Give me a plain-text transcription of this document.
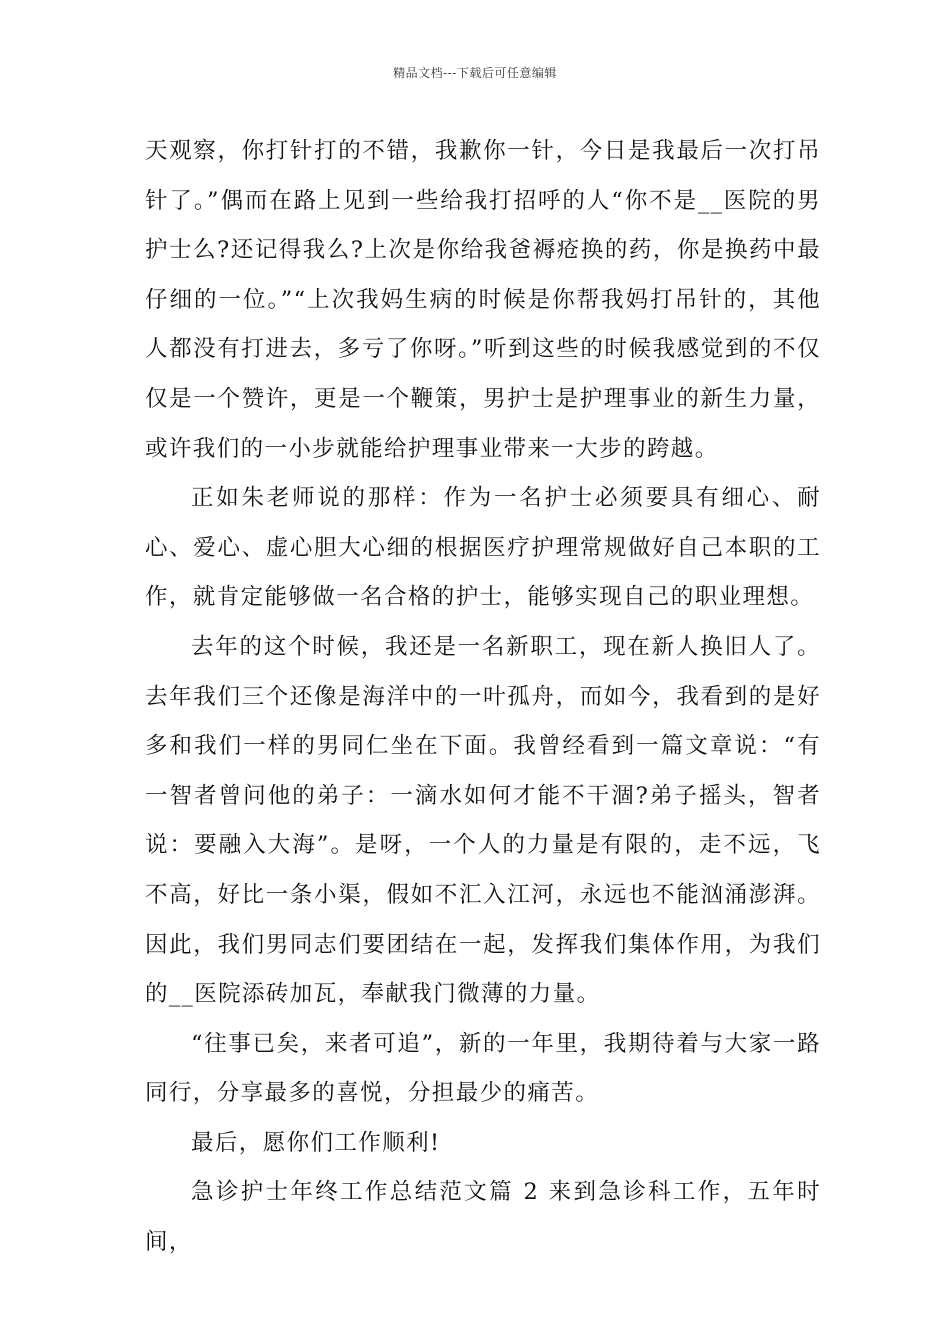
精品文档---下载后可任意编辑

天观察，你打针打的不错，我歉你一针，今日是我最后一次打吊针了。”偶而在路上见到一些给我打招呼的人“你不是__医院的男护士么?还记得我么?上次是你给我爸褥疮换的药，你是换药中最仔细的一位。”“上次我妈生病的时候是你帮我妈打吊针的，其他人都没有打进去，多亏了你呀。”听到这些的时候我感觉到的不仅仅是一个赞许，更是一个鞭策，男护士是护理事业的新生力量，或许我们的一小步就能给护理事业带来一大步的跨越。

正如朱老师说的那样：作为一名护士必须要具有细心、耐心、爱心、虚心胆大心细的根据医疗护理常规做好自己本职的工作，就肯定能够做一名合格的护士，能够实现自己的职业理想。

去年的这个时候，我还是一名新职工，现在新人换旧人了。去年我们三个还像是海洋中的一叶孤舟，而如今，我看到的是好多和我们一样的男同仁坐在下面。我曾经看到一篇文章说：“有一智者曾问他的弟子：一滴水如何才能不干涸?弟子摇头，智者说：要融入大海”。是呀，一个人的力量是有限的，走不远，飞不高，好比一条小渠，假如不汇入江河，永远也不能汹涌澎湃。因此，我们男同志们要团结在一起，发挥我们集体作用，为我们的__医院添砖加瓦，奉献我门微薄的力量。

“往事已矣，来者可追”，新的一年里，我期待着与大家一路同行，分享最多的喜悦，分担最少的痛苦。

最后，愿你们工作顺利!

急诊护士年终工作总结范文篇 2 来到急诊科工作，五年时间，
